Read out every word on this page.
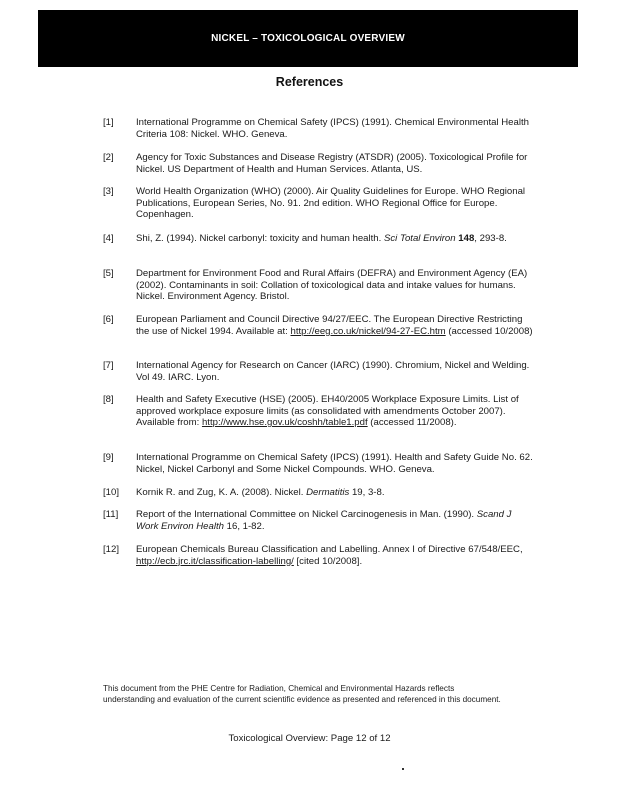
NICKEL – TOXICOLOGICAL OVERVIEW
References
[1] International Programme on Chemical Safety (IPCS) (1991). Chemical Environmental Health Criteria 108: Nickel. WHO. Geneva.
[2] Agency for Toxic Substances and Disease Registry (ATSDR) (2005). Toxicological Profile for Nickel. US Department of Health and Human Services. Atlanta, US.
[3] World Health Organization (WHO) (2000). Air Quality Guidelines for Europe. WHO Regional Publications, European Series, No. 91. 2nd edition. WHO Regional Office for Europe. Copenhagen.
[4] Shi, Z. (1994). Nickel carbonyl: toxicity and human health. Sci Total Environ 148, 293-8.
[5] Department for Environment Food and Rural Affairs (DEFRA) and Environment Agency (EA) (2002). Contaminants in soil: Collation of toxicological data and intake values for humans. Nickel. Environment Agency. Bristol.
[6] European Parliament and Council Directive 94/27/EEC. The European Directive Restricting the use of Nickel 1994. Available at: http://eeg.co.uk/nickel/94-27-EC.htm (accessed 10/2008)
[7] International Agency for Research on Cancer (IARC) (1990). Chromium, Nickel and Welding. Vol 49. IARC. Lyon.
[8] Health and Safety Executive (HSE) (2005). EH40/2005 Workplace Exposure Limits. List of approved workplace exposure limits (as consolidated with amendments October 2007). Available from: http://www.hse.gov.uk/coshh/table1.pdf (accessed 11/2008).
[9] International Programme on Chemical Safety (IPCS) (1991). Health and Safety Guide No. 62. Nickel, Nickel Carbonyl and Some Nickel Compounds. WHO. Geneva.
[10] Kornik R. and Zug, K. A. (2008). Nickel. Dermatitis 19, 3-8.
[11] Report of the International Committee on Nickel Carcinogenesis in Man. (1990). Scand J Work Environ Health 16, 1-82.
[12] European Chemicals Bureau Classification and Labelling. Annex I of Directive 67/548/EEC, http://ecb.jrc.it/classification-labelling/ [cited 10/2008].
This document from the PHE Centre for Radiation, Chemical and Environmental Hazards reflects understanding and evaluation of the current scientific evidence as presented and referenced in this document.
Toxicological Overview: Page 12 of 12
